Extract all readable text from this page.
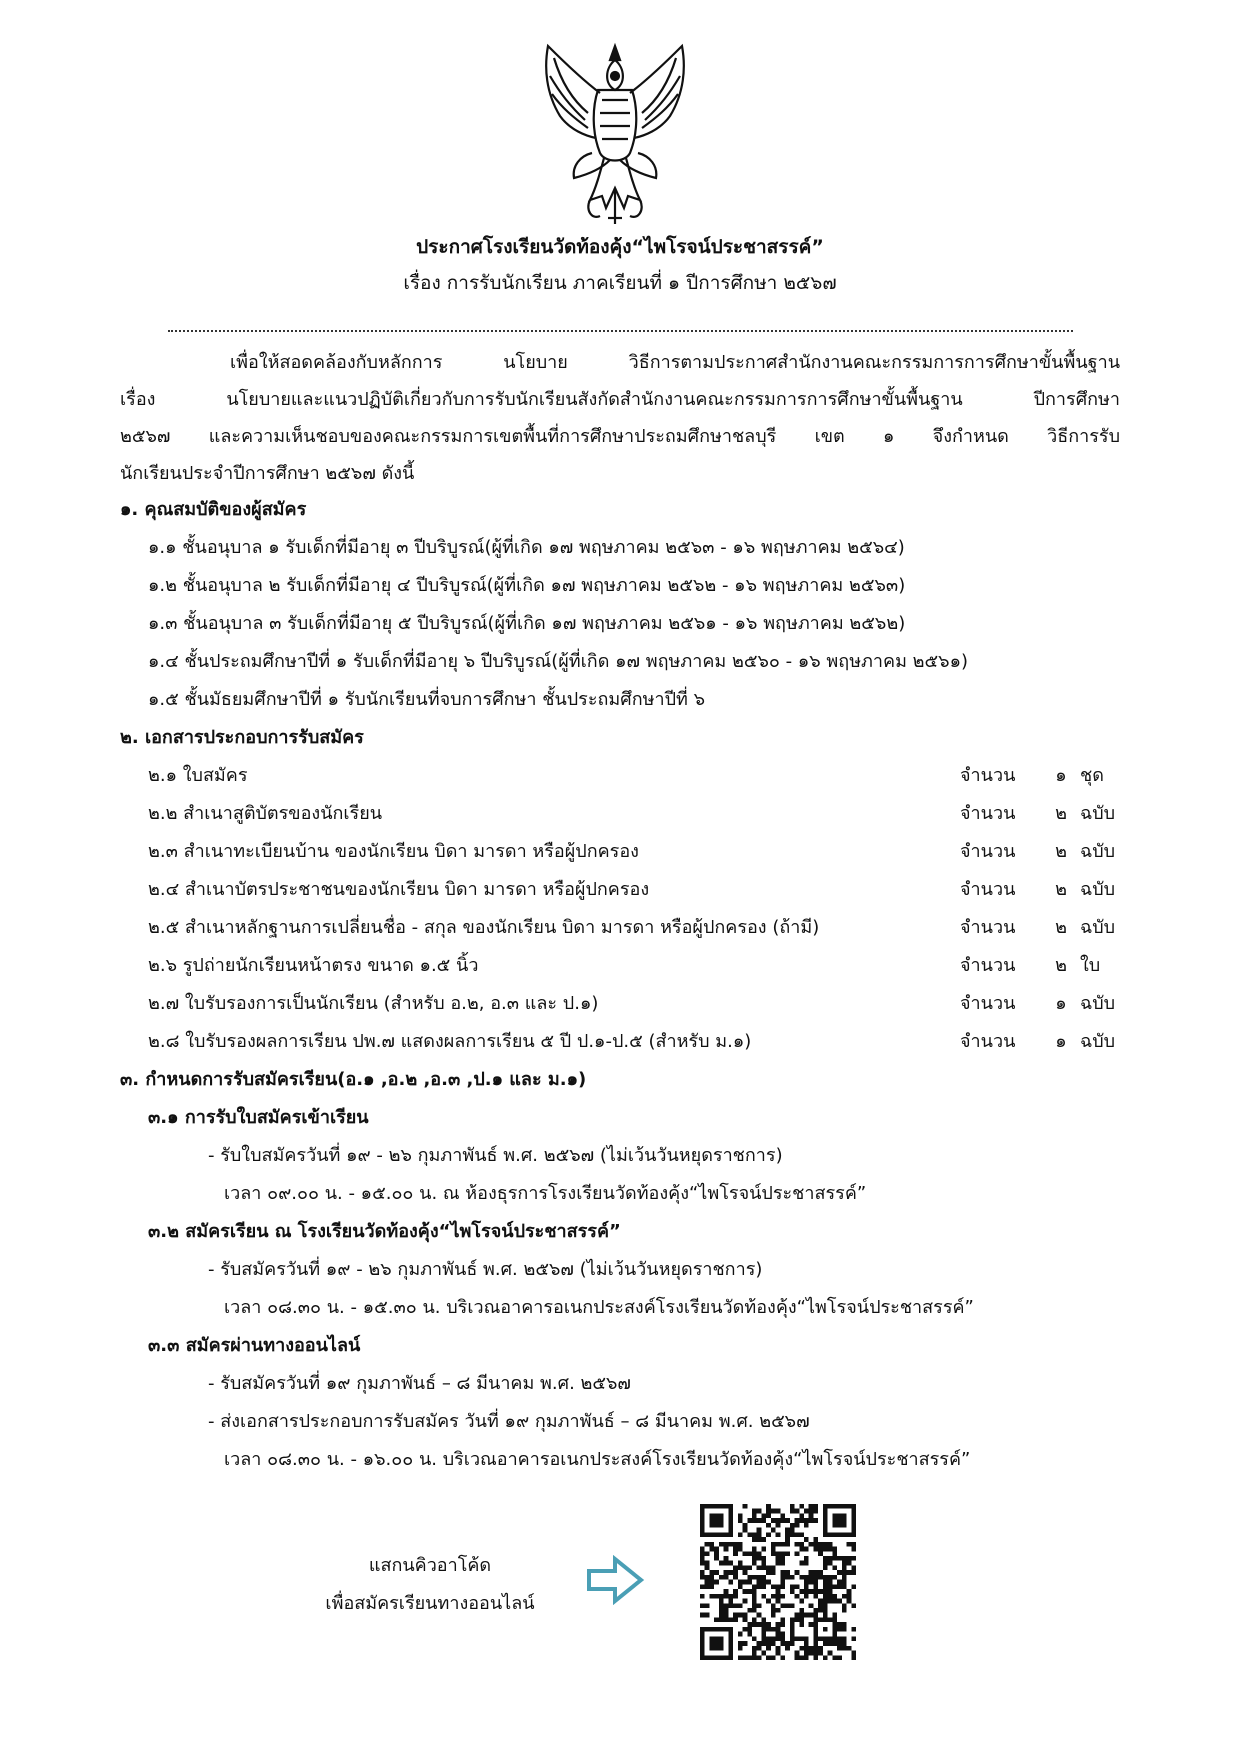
ประกาศโรงเรียนวัดท้องคุ้ง“ไพโรจน์ประชาสรรค์”
เรื่อง การรับนักเรียน ภาคเรียนที่ ๑ ปีการศึกษา ๒๕๖๗
เพื่อให้สอดคล้องกับหลักการ นโยบาย วิธีการตามประกาศสำนักงานคณะกรรมการการศึกษาขั้นพื้นฐาน
เรื่อง นโยบายและแนวปฏิบัติเกี่ยวกับการรับนักเรียนสังกัดสำนักงานคณะกรรมการการศึกษาขั้นพื้นฐาน ปีการศึกษา
๒๕๖๗ และความเห็นชอบของคณะกรรมการเขตพื้นที่การศึกษาประถมศึกษาชลบุรี เขต ๑ จึงกำหนด วิธีการรับ
นักเรียนประจำปีการศึกษา ๒๕๖๗ ดังนี้
๑. คุณสมบัติของผู้สมัคร
๑.๑ ชั้นอนุบาล ๑ รับเด็กที่มีอายุ ๓ ปีบริบูรณ์(ผู้ที่เกิด ๑๗ พฤษภาคม ๒๕๖๓ - ๑๖ พฤษภาคม ๒๕๖๔)
๑.๒ ชั้นอนุบาล ๒ รับเด็กที่มีอายุ ๔ ปีบริบูรณ์(ผู้ที่เกิด ๑๗ พฤษภาคม ๒๕๖๒ - ๑๖ พฤษภาคม ๒๕๖๓)
๑.๓ ชั้นอนุบาล ๓ รับเด็กที่มีอายุ ๕ ปีบริบูรณ์(ผู้ที่เกิด ๑๗ พฤษภาคม ๒๕๖๑ - ๑๖ พฤษภาคม ๒๕๖๒)
๑.๔ ชั้นประถมศึกษาปีที่ ๑ รับเด็กที่มีอายุ ๖ ปีบริบูรณ์(ผู้ที่เกิด ๑๗ พฤษภาคม ๒๕๖๐ - ๑๖ พฤษภาคม ๒๕๖๑)
๑.๕ ชั้นมัธยมศึกษาปีที่ ๑ รับนักเรียนที่จบการศึกษา ชั้นประถมศึกษาปีที่ ๖
๒. เอกสารประกอบการรับสมัคร
๒.๑ ใบสมัคร	จำนวน	๑ ชุด
๒.๒ สำเนาสูติบัตรของนักเรียน	จำนวน	๒ ฉบับ
๒.๓ สำเนาทะเบียนบ้าน ของนักเรียน บิดา มารดา หรือผู้ปกครอง	จำนวน	๒ ฉบับ
๒.๔ สำเนาบัตรประชาชนของนักเรียน บิดา มารดา หรือผู้ปกครอง	จำนวน	๒ ฉบับ
๒.๕ สำเนาหลักฐานการเปลี่ยนชื่อ - สกุล ของนักเรียน บิดา มารดา หรือผู้ปกครอง (ถ้ามี)	จำนวน	๒ ฉบับ
๒.๖ รูปถ่ายนักเรียนหน้าตรง ขนาด ๑.๕ นิ้ว	จำนวน	๒ ใบ
๒.๗ ใบรับรองการเป็นนักเรียน (สำหรับ อ.๒, อ.๓ และ ป.๑)	จำนวน	๑ ฉบับ
๒.๘ ใบรับรองผลการเรียน ปพ.๗ แสดงผลการเรียน ๕ ปี ป.๑-ป.๕ (สำหรับ ม.๑)	จำนวน	๑ ฉบับ
๓. กำหนดการรับสมัครเรียน(อ.๑ ,อ.๒ ,อ.๓ ,ป.๑ และ ม.๑)
๓.๑ การรับใบสมัครเข้าเรียน
- รับใบสมัครวันที่ ๑๙ - ๒๖ กุมภาพันธ์ พ.ศ. ๒๕๖๗ (ไม่เว้นวันหยุดราชการ)
เวลา ๐๙.๐๐ น. - ๑๕.๐๐ น. ณ ห้องธุรการโรงเรียนวัดท้องคุ้ง“ไพโรจน์ประชาสรรค์”
๓.๒ สมัครเรียน ณ โรงเรียนวัดท้องคุ้ง“ไพโรจน์ประชาสรรค์”
- รับสมัครวันที่ ๑๙ - ๒๖ กุมภาพันธ์ พ.ศ. ๒๕๖๗ (ไม่เว้นวันหยุดราชการ)
เวลา ๐๘.๓๐ น. - ๑๕.๓๐ น. บริเวณอาคารอเนกประสงค์โรงเรียนวัดท้องคุ้ง“ไพโรจน์ประชาสรรค์”
๓.๓ สมัครผ่านทางออนไลน์
- รับสมัครวันที่ ๑๙ กุมภาพันธ์ – ๘ มีนาคม พ.ศ. ๒๕๖๗
- ส่งเอกสารประกอบการรับสมัคร วันที่ ๑๙ กุมภาพันธ์ – ๘ มีนาคม พ.ศ. ๒๕๖๗
เวลา ๐๘.๓๐ น. - ๑๖.๐๐ น. บริเวณอาคารอเนกประสงค์โรงเรียนวัดท้องคุ้ง“ไพโรจน์ประชาสรรค์”
แสกนคิวอาโค้ด
เพื่อสมัครเรียนทางออนไลน์
